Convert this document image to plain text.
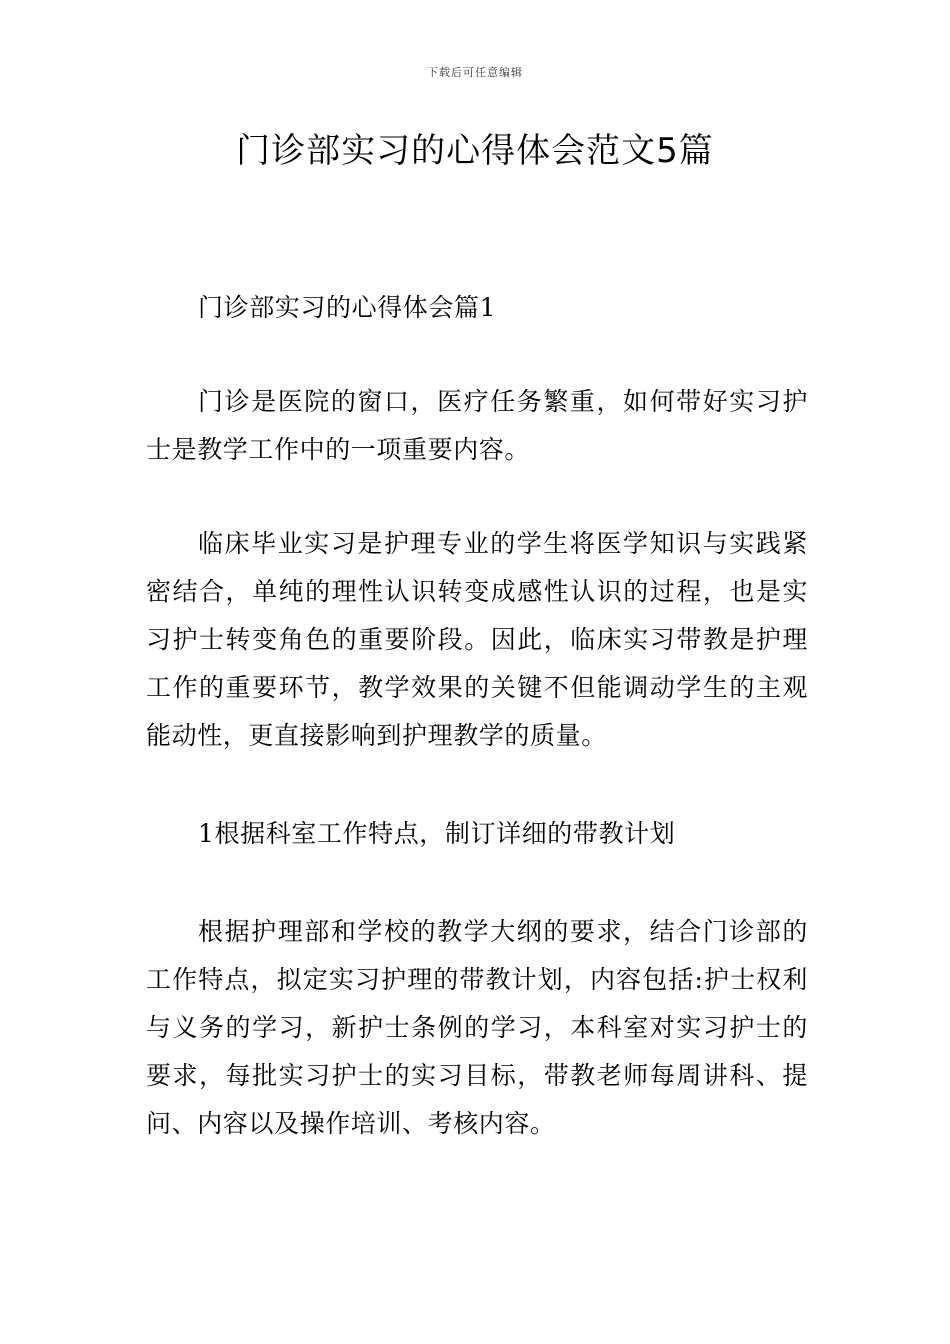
下载后可任意编辑
门诊部实习的心得体会范文5篇

门诊部实习的心得体会篇1

门诊是医院的窗口，医疗任务繁重，如何带好实习护士是教学工作中的一项重要内容。

临床毕业实习是护理专业的学生将医学知识与实践紧密结合，单纯的理性认识转变成感性认识的过程，也是实习护士转变角色的重要阶段。因此，临床实习带教是护理工作的重要环节，教学效果的关键不但能调动学生的主观能动性，更直接影响到护理教学的质量。

1根据科室工作特点，制订详细的带教计划

根据护理部和学校的教学大纲的要求，结合门诊部的工作特点，拟定实习护理的带教计划，内容包括:护士权利与义务的学习，新护士条例的学习，本科室对实习护士的要求，每批实习护士的实习目标，带教老师每周讲科、提问、内容以及操作培训、考核内容。
